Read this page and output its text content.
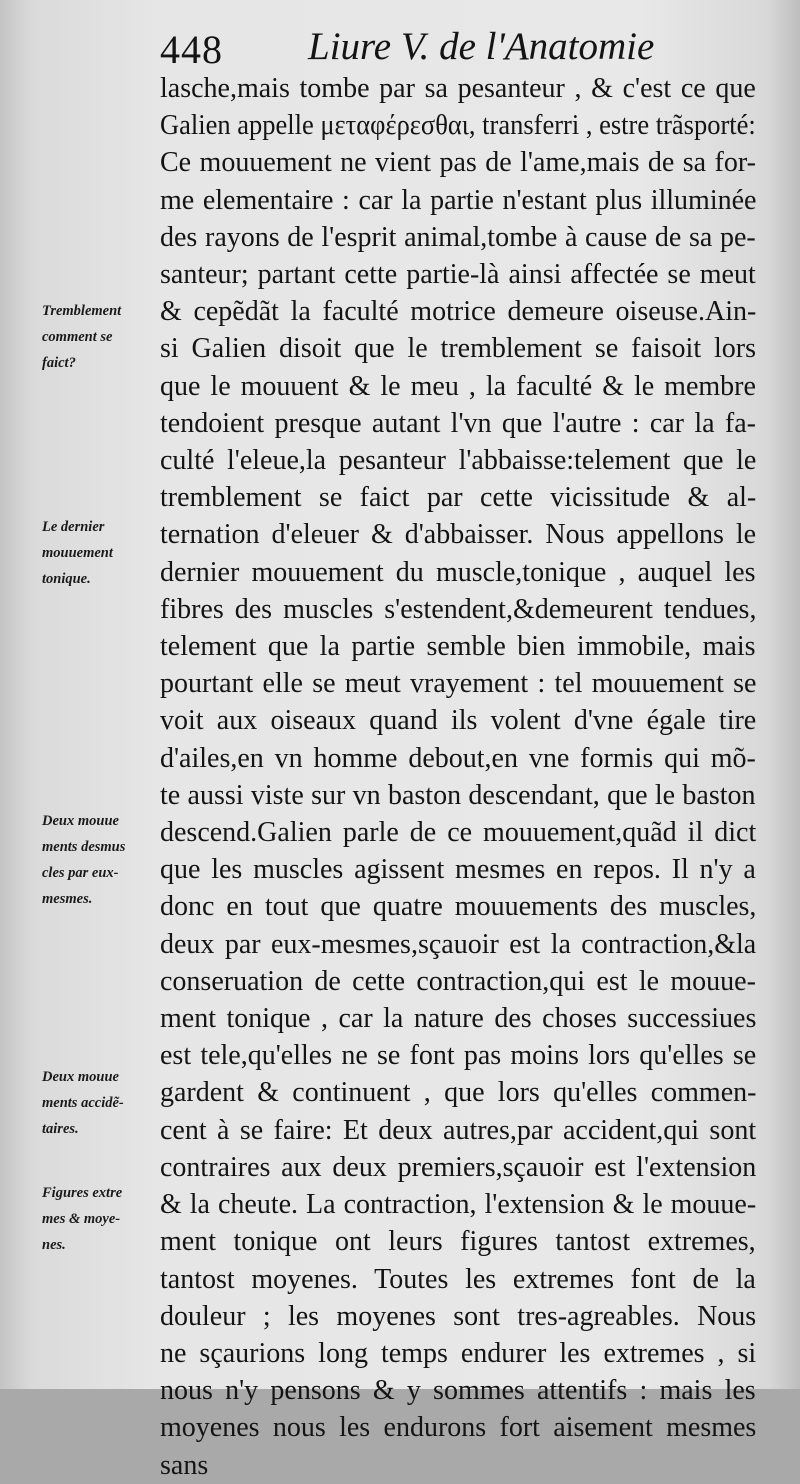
448 Liure V. de l'Anatomie
lasche,mais tombe par sa pesanteur , & c'est ce que
Galien appelle μεταφέρεσθαι, transferri , estre trãsporté:
Ce mouuement ne vient pas de l'ame,mais de sa for-
me elementaire : car la partie n'estant plus illuminée
des rayons de l'esprit animal,tombe à cause de sa pe-
santeur; partant cette partie-là ainsi affectée se meut
& cepẽdãt la faculté motrice demeure oiseuse.Ain-
si Galien disoit que le tremblement se faisoit lors
que le mouuent & le meu , la faculté & le membre
tendoient presque autant l'vn que l'autre : car la fa-
culté l'eleue,la pesanteur l'abbaisse:telement que le
tremblement se faict par cette vicissitude & al-
ternation d'eleuer & d'abbaisser. Nous appellons le
dernier mouuement du muscle,tonique , auquel les
fibres des muscles s'estendent,&demeurent tendues,
telement que la partie semble bien immobile, mais
pourtant elle se meut vrayement : tel mouuement se
voit aux oiseaux quand ils volent d'vne égale tire
d'ailes,en vn homme debout,en vne formis qui mõ-
te aussi viste sur vn baston descendant, que le baston
descend.Galien parle de ce mouuement,quãd il dict
que les muscles agissent mesmes en repos. Il n'y a
donc en tout que quatre mouuements des muscles,
deux par eux-mesmes,sçauoir est la contraction,&la
conseruation de cette contraction,qui est le mouue-
ment tonique , car la nature des choses successiues
est tele,qu'elles ne se font pas moins lors qu'elles se
gardent & continuent , que lors qu'elles commen-
cent à se faire: Et deux autres,par accident,qui sont
contraires aux deux premiers,sçauoir est l'extension
& la cheute. La contraction, l'extension & le mouue-
ment tonique ont leurs figures tantost extremes,
tantost moyenes. Toutes les extremes font de la
douleur ; les moyenes sont tres-agreables. Nous
ne sçaurions long temps endurer les extremes , si
nous n'y pensons & y sommes attentifs : mais les
moyenes nous les endurons fort aisement mesmes
sans
Tremblement
comment se
faict?
Le dernier
mouuement
tonique.
Deux mouue
ments desmus
cles par eux-
mesmes.
Deux mouue
ments accidẽ-
taires.
Figures extre
mes & moye-
nes.
